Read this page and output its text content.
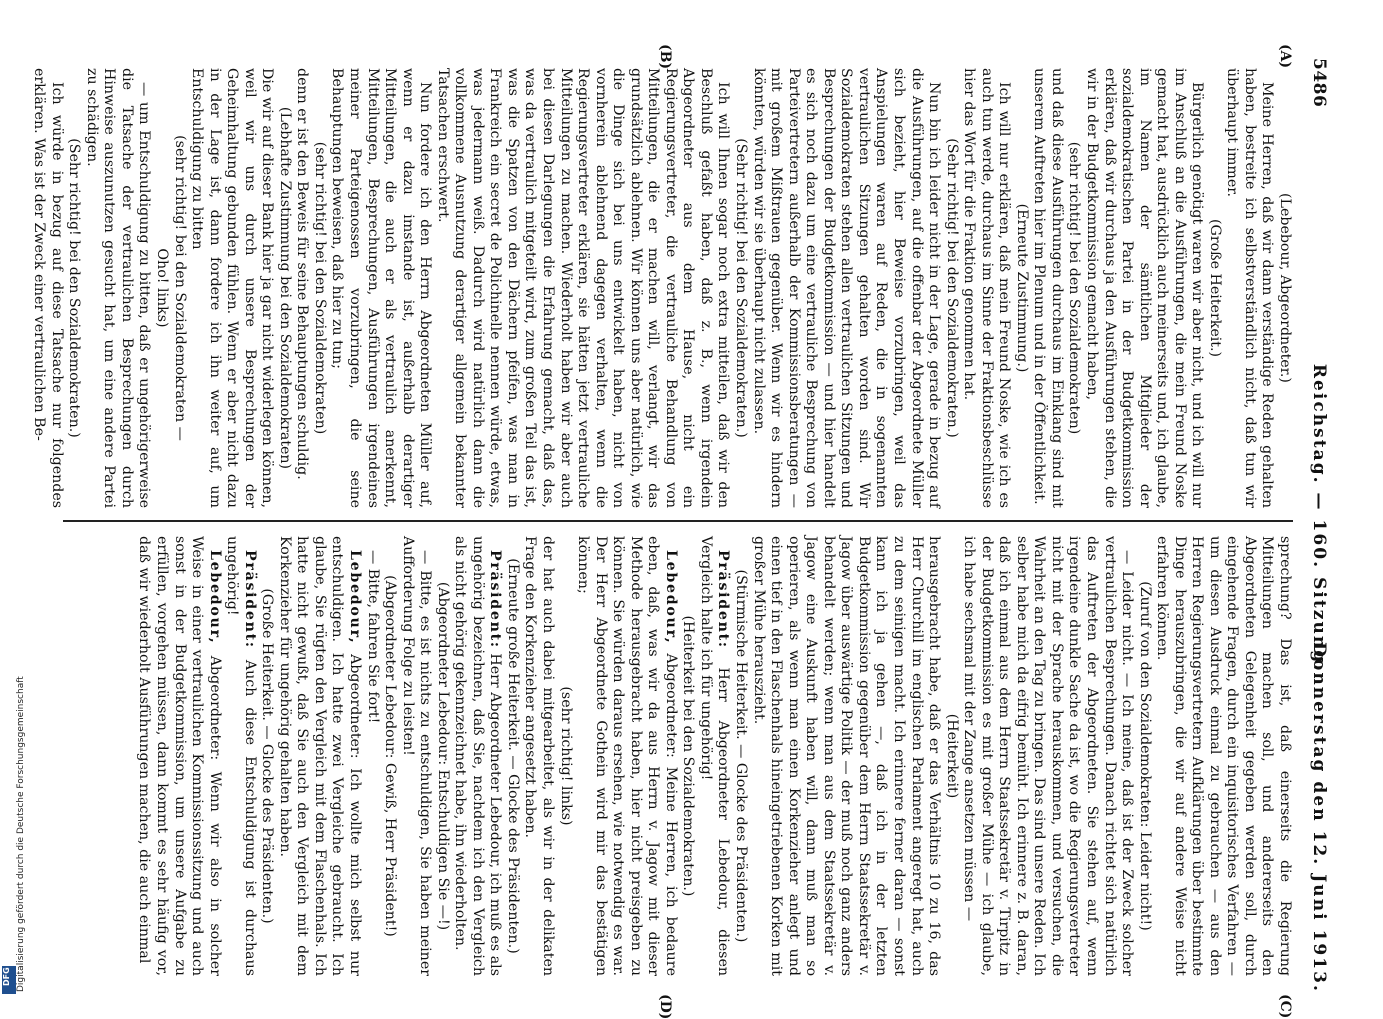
DFG Digitalisierung gefördert durch die Deutsche Forschungsgemeinschaft
5486
Reichstag. — 160. Sitzung.
Donnerstag den 12. Juni 1913.
(A)
(B)
(C)
(D)

(Lebebour, Abgeordneter.)

Meine Herren, daß wir dann verständige Reden gehalten haben, bestreite ich selbstverständlich nicht, daß tun wir überhaupt immer.

(Große Heiterkeit.)

Bürgerlich genötigt waren wir aber nicht, und ich will nur im Anschluß an die Ausführungen, die mein Freund Noske gemacht hat, ausdrücklich auch meinerseits und, ich glaube, im Namen der sämtlichen Mitglieder der sozialdemokratischen Partei in der Budgetkommission erklären, daß wir durchaus ja den Ausführungen stehen, die wir in der Budgetkommission gemacht haben,

(sehr richtig! bei den Sozialdemokraten)

und daß diese Ausführungen durchaus im Einklang sind mit unserem Auftreten hier im Plenum und in der Öffentlichkeit.

(Erneute Zustimmung.)

Ich will nur erklären, daß mein Freund Noske, wie ich es auch tun werde, durchaus im Sinne der Fraktionsbeschlüsse hier das Wort für die Fraktion genommen hat.

(Sehr richtig! bei den Sozialdemokraten.)

Nun bin ich leider nicht in der Lage, gerade in bezug auf die Ausführungen, auf die offenbar der Abgeordnete Müller sich bezieht, hier Beweise vorzubringen, weil das Anspielungen waren auf Reden, die in sogenannten vertraulichen Sitzungen gehalten worden sind. Wir Sozialdemokraten stehen allen vertraulichen Sitzungen und Besprechungen der Budgetkommission — und hier handelt es sich noch dazu um eine vertrauliche Besprechung von Parteivertretern außerhalb der Kommissionsberatungen — mit großem Mißtrauen gegenüber. Wenn wir es hindern könnten, würden wir sie überhaupt nicht zulassen.

(Sehr richtig! bei den Sozialdemokraten.)

Ich will Ihnen sogar noch extra mitteilen, daß wir den Beschluß gefaßt haben, daß z. B., wenn irgendein Abgeordneter aus dem Hause, nicht ein Regierungsvertreter, die vertrauliche Behandlung von Mitteilungen, die er machen will, verlangt, wir das grundsätzlich ablehnen. Wir können uns aber natürlich, wie die Dinge sich bei uns entwickelt haben, nicht von vornherein ablehnend dagegen verhalten, wenn die Regierungsvertreter erklären, sie hätten jetzt vertrauliche Mitteilungen zu machen. Wiederholt haben wir aber auch bei diesen Darlegungen die Erfahrung gemacht, daß das, was da vertraulich mitgeteilt wird, zum großen Teil das ist, was die Spatzen von den Dächern pfeifen, was man in Frankreich ein secret de Polichinelle nennen würde, etwas, was jedermann weiß. Dadurch wird natürlich dann die vollkommene Ausnutzung derartiger allgemein bekannter Tatsachen erschwert.

Nun fordere ich den Herrn Abgeordneten Müller auf, wenn er dazu imstande ist, außerhalb derartiger Mitteilungen, die auch er als vertraulich anerkennt, Mitteilungen, Besprechungen, Ausführungen irgendeines meiner Parteigenossen vorzubringen, die seine Behauptungen beweisen, daß hier zu tun;

(sehr richtig! bei den Sozialdemokraten)

denn er ist den Beweis für seine Behauptungen schuldig.

(Lebhafte Zustimmung bei den Sozialdemokraten)

Die wir auf dieser Bank hier ja gar nicht widerlegen können, weil wir uns durch unsere Besprechungen der Geheimhaltung gebunden fühlen. Wenn er aber nicht dazu in der Lage ist, dann fordere ich ihn weiter auf, um Entschuldigung zu bitten

(sehr richtig! bei den Sozialdemokraten —

Oho! links)

— um Entschuldigung zu bitten, daß er ungehörigerweise die Tatsache der vertraulichen Besprechungen durch Hinweise auszunutzen gesucht hat, um eine andere Partei zu schädigen.

(Sehr richtig! bei den Sozialdemokraten.)

Ich würde in bezug auf diese Tatsache nur folgendes erklären. Was ist der Zweck einer vertraulichen Be-

sprechung? Das ist, daß einerseits die Regierung Mitteilungen machen soll, und andererseits den Abgeordneten Gelegenheit gegeben werden soll, durch eingehende Fragen, durch ein inquisitorisches Verfahren — um diesen Ausdruck einmal zu gebrauchen — aus den Herren Regierungsvertretern Aufklärungen über bestimmte Dinge herauszubringen, die wir auf andere Weise nicht erfahren können.

(Zuruf von den Sozialdemokraten: Leider nicht!)

— Leider nicht. — Ich meine, daß ist der Zweck solcher vertraulichen Besprechungen. Danach richtet sich natürlich das Auftreten der Abgeordneten. Sie stehen auf, wenn irgendeine dunkle Sache da ist, wo die Regierungsvertreter nicht mit der Sprache herauskommen, und versuchen, die Wahrheit an den Tag zu bringen. Das sind unsere Reden. Ich selber habe mich da eifrig bemüht. Ich erinnere z. B. daran, daß ich einmal aus dem Herrn Staatssekretär v. Tirpitz in der Budgetkommission es mit großer Mühe — ich glaube, ich habe sechsmal mit der Zange ansetzen müssen —

(Heiterkeit)

herausgebracht habe, daß er das Verhältnis 10 zu 16, das Herr Churchill im englischen Parlament angeregt hat, auch zu dem seinigen macht. Ich erinnere ferner daran — sonst kann ich ja gehen —, daß ich in der letzten Budgetkommission gegenüber dem Herrn Staatssekretär v. Jagow über auswärtige Politik — der muß noch ganz anders behandelt werden; wenn man aus dem Staatssekretär v. Jagow eine Auskunft haben will, dann muß man so operieren, als wenn man einen Korkenzieher anlegt und einen tief in den Flaschenhals hineingetriebenen Korken mit großer Mühe herauszieht.

(Stürmische Heiterkeit. — Glocke des Präsidenten.)

Präsident: Herr Abgeordneter Lebedour, diesen Vergleich halte ich für ungehörig!

(Heiterkeit bei den Sozialdemokraten.)

Lebedour, Abgeordneter: Meine Herren, ich bedaure eben, daß, was wir da aus Herrn v. Jagow mit dieser Methode herausgebracht haben, hier nicht preisgeben zu können. Sie würden daraus ersehen, wie notwendig es war. Der Herr Abgeordnete Gothein wird mir das bestätigen können;

(sehr richtig! links)

der hat auch dabei mitgearbeitet, als wir in der delikaten Frage den Korkenzieher angesetzt haben.

(Erneute große Heiterkeit. — Glocke des Präsidenten.)

Präsident: Herr Abgeordneter Lebedour, ich muß es als ungehörig bezeichnen, daß Sie, nachdem ich den Vergleich als nicht gehörig gekennzeichnet habe, ihn wiederholten.

(Abgeordneter Lebedour: Entschuldigen Sie —!)

— Bitte, es ist nichts zu entschuldigen, Sie haben meiner Aufforderung Folge zu leisten!

(Abgeordneter Lebedour: Gewiß, Herr Präsident!)

— Bitte, fahren Sie fort!

Lebedour, Abgeordneter: Ich wollte mich selbst nur entschuldigen. Ich hatte zwei Vergleiche gebraucht. Ich glaube, Sie rügten den Vergleich mit dem Flaschenhals. Ich hatte nicht gewußt, daß Sie auch den Vergleich mit dem Korkenzieher für ungehörig gehalten haben.

(Große Heiterkeit. — Glocke des Präsidenten.)

Präsident: Auch diese Entschuldigung ist durchaus ungehörig!

Lebedour, Abgeordneter: Wenn wir also in solcher Weise in einer vertraulichen Kommissionssitzung und auch sonst in der Budgetkommission, um unsere Aufgabe zu erfüllen, vorgehen müssen, dann kommt es sehr häufig vor, daß wir wiederholt Ausführungen machen, die auch einmal
